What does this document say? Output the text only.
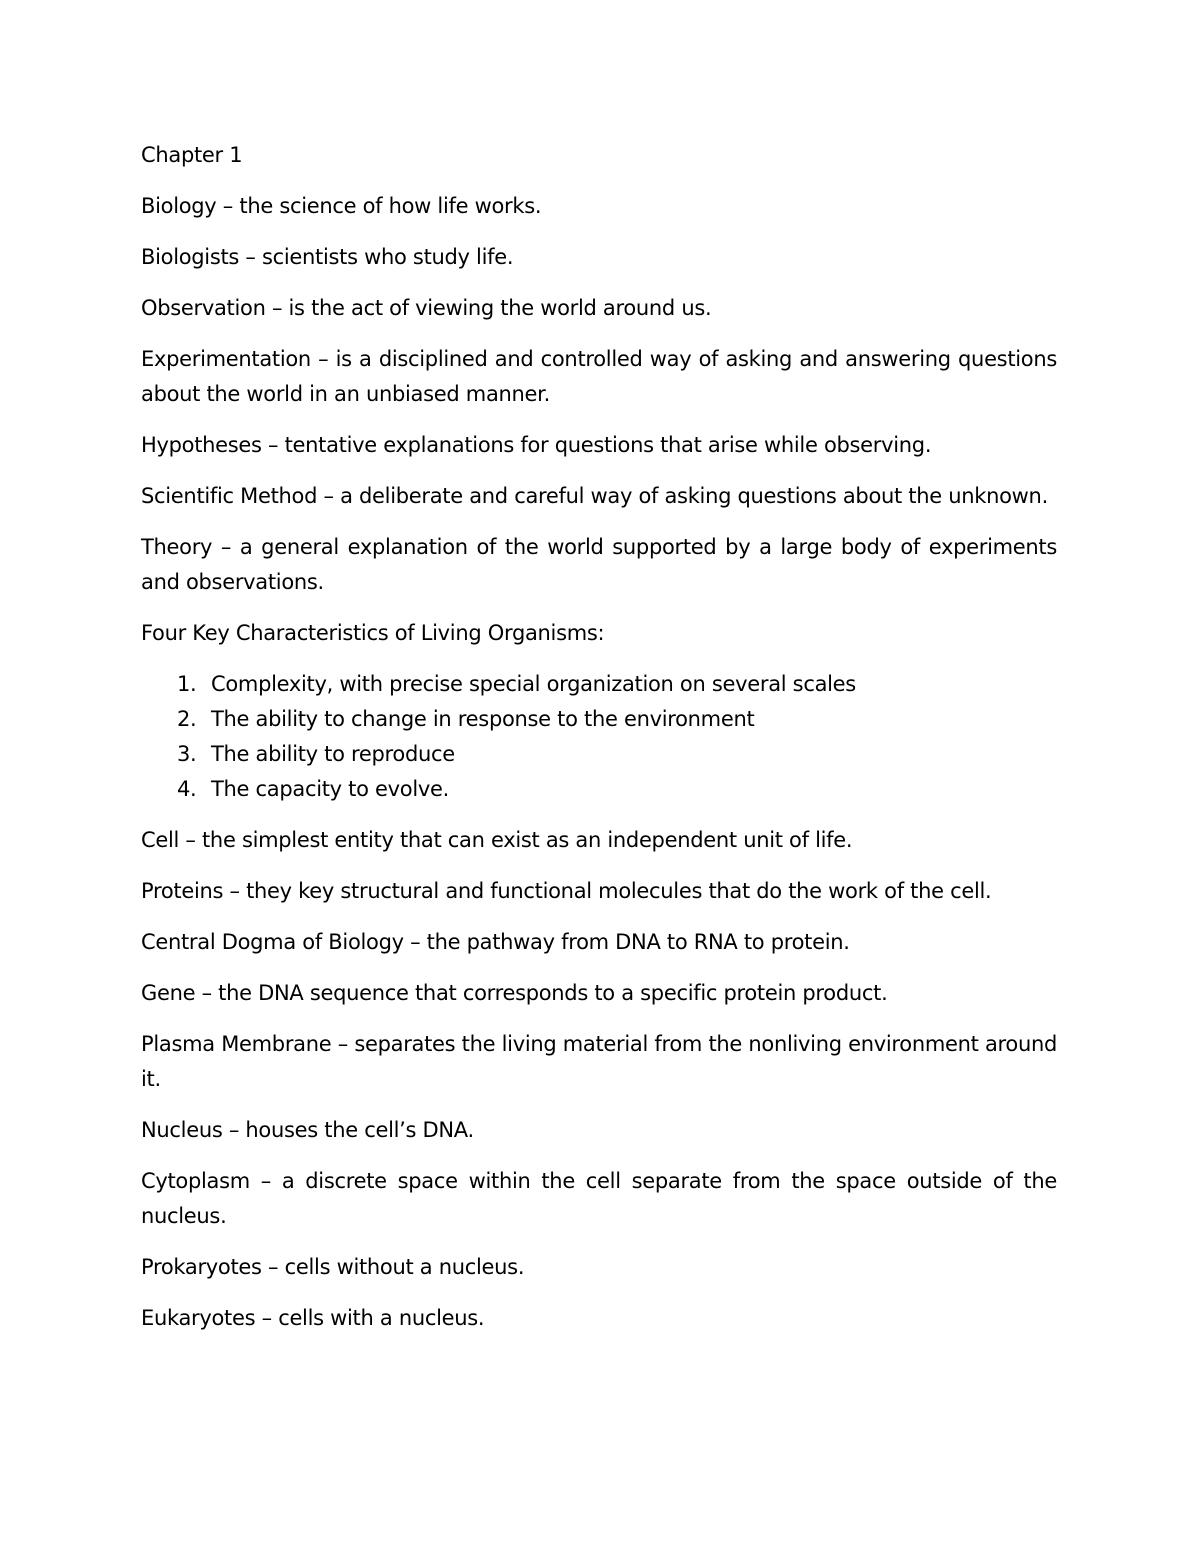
Chapter 1

Biology – the science of how life works.

Biologists – scientists who study life.

Observation – is the act of viewing the world around us.

Experimentation – is a disciplined and controlled way of asking and answering questions about the world in an unbiased manner.

Hypotheses – tentative explanations for questions that arise while observing.

Scientific Method – a deliberate and careful way of asking questions about the unknown.

Theory – a general explanation of the world supported by a large body of experiments and observations.

Four Key Characteristics of Living Organisms:

1. Complexity, with precise special organization on several scales
2. The ability to change in response to the environment
3. The ability to reproduce
4. The capacity to evolve.

Cell – the simplest entity that can exist as an independent unit of life.

Proteins – they key structural and functional molecules that do the work of the cell.

Central Dogma of Biology – the pathway from DNA to RNA to protein.

Gene – the DNA sequence that corresponds to a specific protein product.

Plasma Membrane – separates the living material from the nonliving environment around it.

Nucleus – houses the cell’s DNA.

Cytoplasm – a discrete space within the cell separate from the space outside of the nucleus.

Prokaryotes – cells without a nucleus.

Eukaryotes – cells with a nucleus.
